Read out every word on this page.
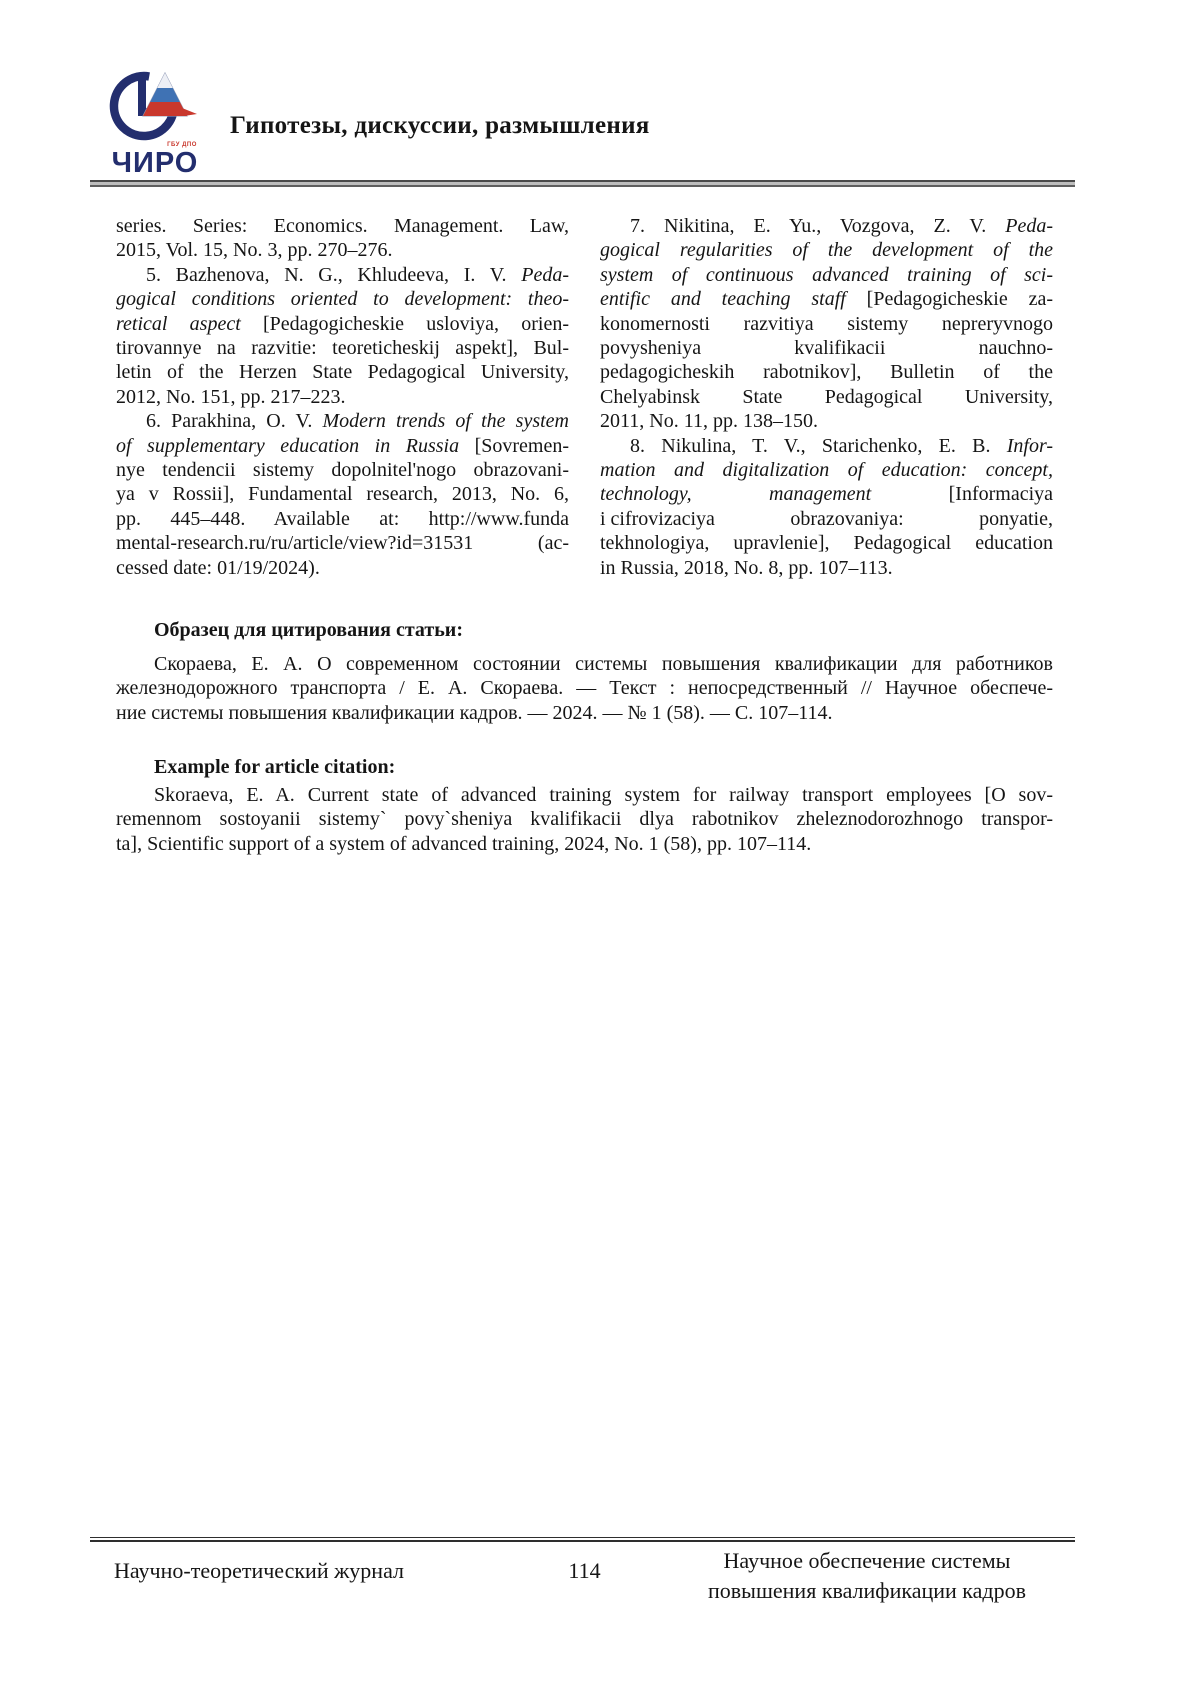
ГБУ ДПО
ЧИРО
Гипотезы, дискуссии, размышления
series. Series: Economics. Management. Law,
2015, Vol. 15, No. 3, pp. 270–276.
5. Bazhenova, N. G., Khludeeva, I. V. Peda-
gogical conditions oriented to development: theo-
retical aspect [Pedagogicheskie usloviya, orien-
tirovannye na razvitie: teoreticheskij aspekt], Bul-
letin of the Herzen State Pedagogical University,
2012, No. 151, pp. 217–223.
6. Parakhina, O. V. Modern trends of the system
of supplementary education in Russia [Sovremen-
nye tendencii sistemy dopolnitel'nogo obrazovani-
ya v Rossii], Fundamental research, 2013, No. 6,
pp. 445–448. Available at: http://www.funda
mental-research.ru/ru/article/view?id=31531 (ac-
cessed date: 01/19/2024).
7. Nikitina, E. Yu., Vozgova, Z. V. Peda-
gogical regularities of the development of the
system of continuous advanced training of sci-
entific and teaching staff [Pedagogicheskie za-
konomernosti razvitiya sistemy nepreryvnogo
povysheniya kvalifikacii nauchno-
pedagogicheskih rabotnikov], Bulletin of the
Chelyabinsk State Pedagogical University,
2011, No. 11, pp. 138–150.
8. Nikulina, T. V., Starichenko, E. B. Infor-
mation and digitalization of education: concept,
technology, management [Informaciya
i cifrovizaciya obrazovaniya: ponyatie,
tekhnologiya, upravlenie], Pedagogical education
in Russia, 2018, No. 8, pp. 107–113.
Образец для цитирования статьи:
Скораева, Е. А. О современном состоянии системы повышения квалификации для работников
железнодорожного транспорта / Е. А. Скораева. — Текст : непосредственный // Научное обеспече-
ние системы повышения квалификации кадров. — 2024. — № 1 (58). — С. 107–114.
Example for article citation:
Skoraeva, E. A. Current state of advanced training system for railway transport employees [O sov-
remennom sostoyanii sistemy` povy`sheniya kvalifikacii dlya rabotnikov zheleznodorozhnogo transpor-
ta], Scientific support of a system of advanced training, 2024, No. 1 (58), pp. 107–114.
Научно-теоретический журнал	114	Научное обеспечение системы
повышения квалификации кадров
